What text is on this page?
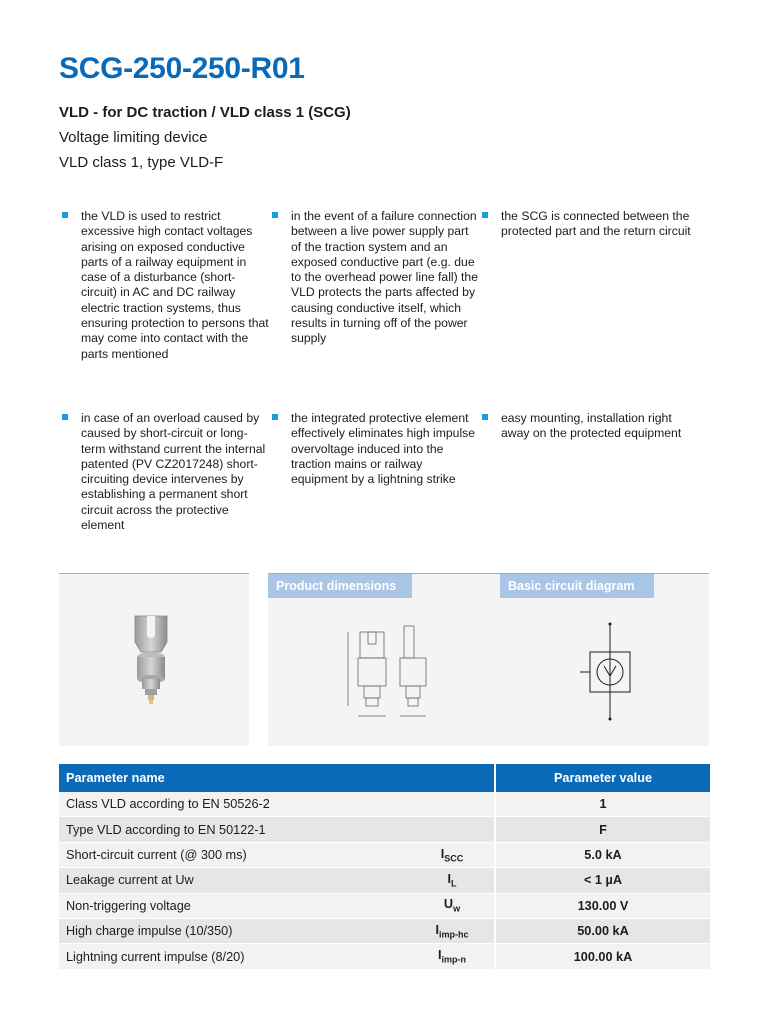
SCG-250-250-R01

VLD - for DC traction / VLD class 1 (SCG)

Voltage limiting device

VLD class 1, type VLD-F

the VLD is used to restrict excessive high contact voltages arising on exposed conductive parts of a railway equipment in case of a disturbance (short-circuit) in AC and DC railway electric traction systems, thus ensuring protection to persons that may come into contact with the parts mentioned
in the event of a failure connection between a live power supply part of the traction system and an exposed conductive part (e.g. due to the overhead power line fall) the VLD protects the parts affected by causing conductive itself, which results in turning off of the power supply
the SCG is connected between the protected part and the return circuit
in case of an overload caused by caused by short-circuit or long-term withstand current the internal patented (PV CZ2017248) short-circuiting device intervenes by establishing a permanent short circuit across the protective element
the integrated protective element effectively eliminates high impulse overvoltage induced into the traction mains or railway equipment by a lightning strike
easy mounting, installation right away on the protected equipment
Product dimensions	Basic circuit diagram
Parameter name		Parameter value
Class VLD according to EN 50526-2		1
Type VLD according to EN 50122-1		F
Short-circuit current (@ 300 ms)	$I_{SCC}$	5.0 kA
Leakage current at Uw	$I_L$	< 1 µA
Non-triggering voltage	$U_w$	130.00 V
High charge impulse (10/350)	$I_{imp-hc}$	50.00 kA
Lightning current impulse (8/20)	$I_{imp-n}$	100.00 kA
